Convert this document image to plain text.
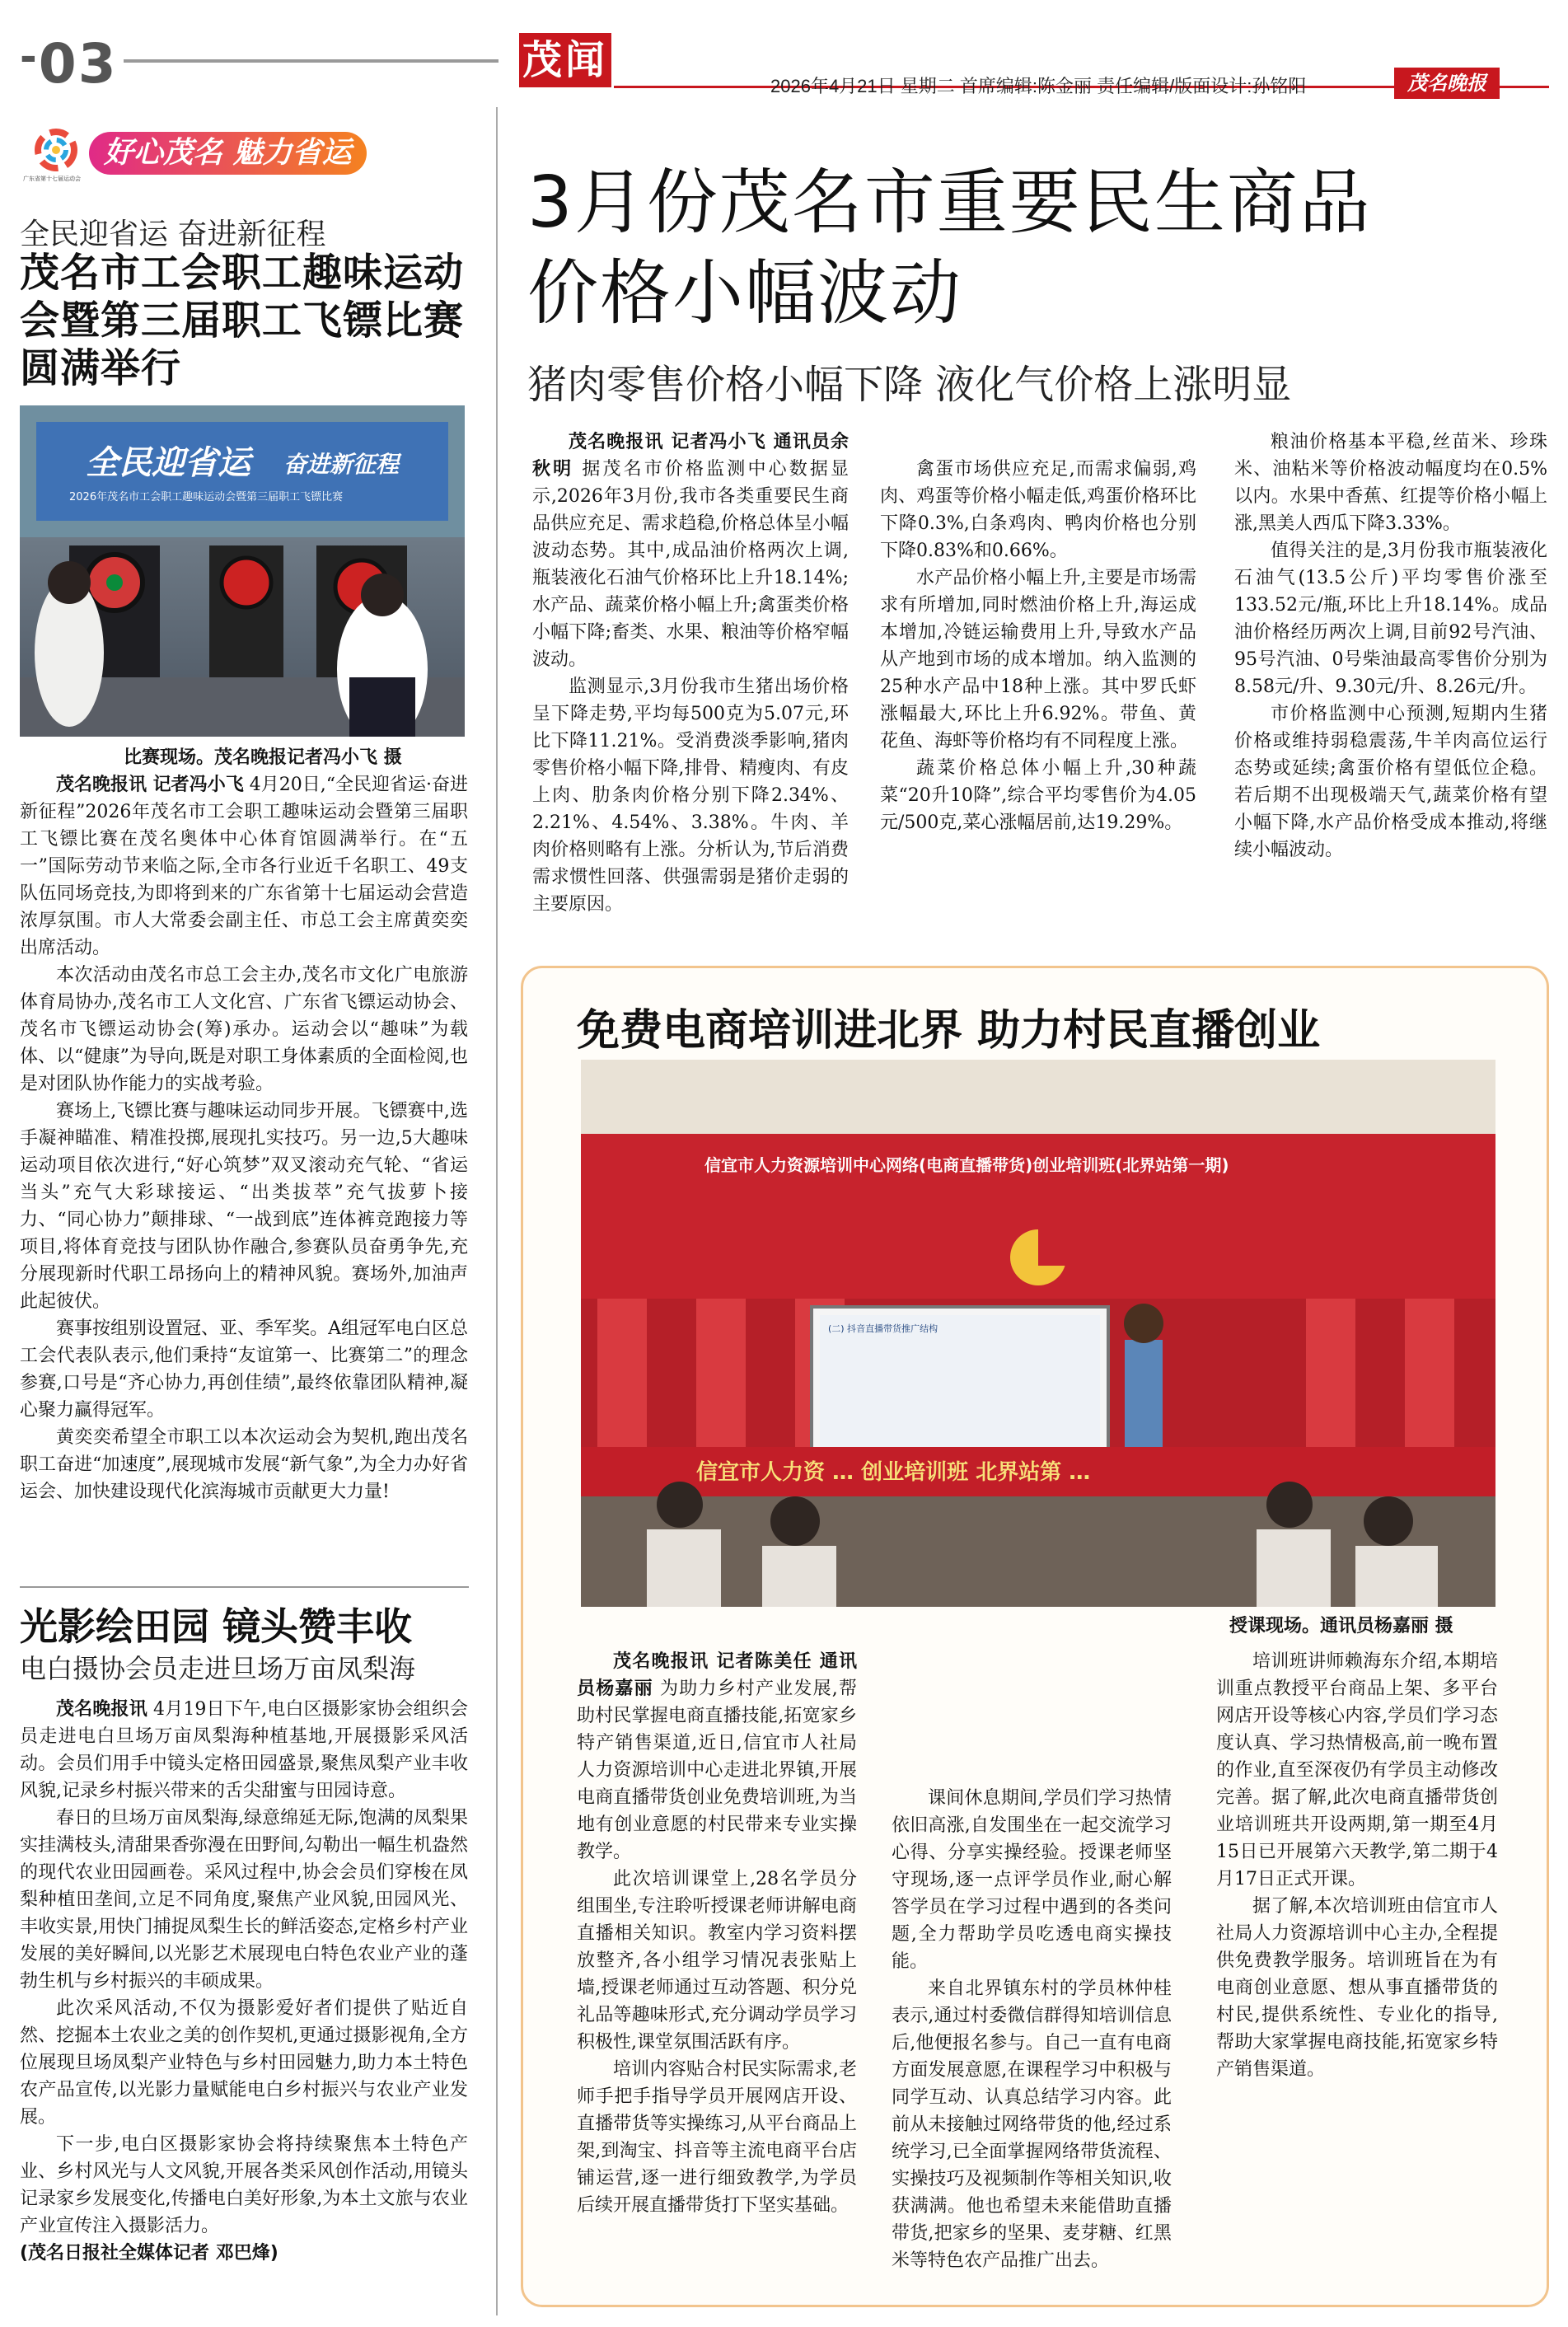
-03	茂闻
2026年4月21日 星期二 首席编辑:陈金丽 责任编辑/版面设计:孙铭阳	茂名晚报
广东省第十七届运动会
好心茂名 魅力省运
全民迎省运 奋进新征程
茂名市工会职工趣味运动会暨第三届职工飞镖比赛圆满举行
全民迎省运 奋进新征程
2026年茂名市工会职工趣味运动会暨第三届职工飞镖比赛
比赛现场。茂名晚报记者冯小飞 摄

茂名晚报讯 记者冯小飞 4月20日,“全民迎省运·奋进新征程”2026年茂名市工会职工趣味运动会暨第三届职工飞镖比赛在茂名奥体中心体育馆圆满举行。在“五一”国际劳动节来临之际,全市各行业近千名职工、49支队伍同场竞技,为即将到来的广东省第十七届运动会营造浓厚氛围。市人大常委会副主任、市总工会主席黄奕奕出席活动。

本次活动由茂名市总工会主办,茂名市文化广电旅游体育局协办,茂名市工人文化宫、广东省飞镖运动协会、茂名市飞镖运动协会(筹)承办。运动会以“趣味”为载体、以“健康”为导向,既是对职工身体素质的全面检阅,也是对团队协作能力的实战考验。

赛场上,飞镖比赛与趣味运动同步开展。飞镖赛中,选手凝神瞄准、精准投掷,展现扎实技巧。另一边,5大趣味运动项目依次进行,“好心筑梦”双叉滚动充气轮、“省运当头”充气大彩球接运、“出类拔萃”充气拔萝卜接力、“同心协力”颠排球、“一战到底”连体裤竞跑接力等项目,将体育竞技与团队协作融合,参赛队员奋勇争先,充分展现新时代职工昂扬向上的精神风貌。赛场外,加油声此起彼伏。

赛事按组别设置冠、亚、季军奖。A组冠军电白区总工会代表队表示,他们秉持“友谊第一、比赛第二”的理念参赛,口号是“齐心协力,再创佳绩”,最终依靠团队精神,凝心聚力赢得冠军。

黄奕奕希望全市职工以本次运动会为契机,跑出茂名职工奋进“加速度”,展现城市发展“新气象”,为全力办好省运会、加快建设现代化滨海城市贡献更大力量!

光影绘田园 镜头赞丰收
电白摄协会员走进旦场万亩凤梨海

茂名晚报讯 4月19日下午,电白区摄影家协会组织会员走进电白旦场万亩凤梨海种植基地,开展摄影采风活动。会员们用手中镜头定格田园盛景,聚焦凤梨产业丰收风貌,记录乡村振兴带来的舌尖甜蜜与田园诗意。

春日的旦场万亩凤梨海,绿意绵延无际,饱满的凤梨果实挂满枝头,清甜果香弥漫在田野间,勾勒出一幅生机盎然的现代农业田园画卷。采风过程中,协会会员们穿梭在凤梨种植田垄间,立足不同角度,聚焦产业风貌,田园风光、丰收实景,用快门捕捉凤梨生长的鲜活姿态,定格乡村产业发展的美好瞬间,以光影艺术展现电白特色农业产业的蓬勃生机与乡村振兴的丰硕成果。

此次采风活动,不仅为摄影爱好者们提供了贴近自然、挖掘本土农业之美的创作契机,更通过摄影视角,全方位展现旦场凤梨产业特色与乡村田园魅力,助力本土特色农产品宣传,以光影力量赋能电白乡村振兴与农业产业发展。

下一步,电白区摄影家协会将持续聚焦本土特色产业、乡村风光与人文风貌,开展各类采风创作活动,用镜头记录家乡发展变化,传播电白美好形象,为本土文旅与农业产业宣传注入摄影活力。

(茂名日报社全媒体记者 邓巴烽)

3月份茂名市重要民生商品
价格小幅波动
猪肉零售价格小幅下降 液化气价格上涨明显

茂名晚报讯 记者冯小飞 通讯员余秋明 据茂名市价格监测中心数据显示,2026年3月份,我市各类重要民生商品供应充足、需求趋稳,价格总体呈小幅波动态势。其中,成品油价格两次上调,瓶装液化石油气价格环比上升18.14%;水产品、蔬菜价格小幅上升;禽蛋类价格小幅下降;畜类、水果、粮油等价格窄幅波动。

监测显示,3月份我市生猪出场价格呈下降走势,平均每500克为5.07元,环比下降11.21%。受消费淡季影响,猪肉零售价格小幅下降,排骨、精瘦肉、有皮上肉、肋条肉价格分别下降2.34%、2.21%、4.54%、3.38%。牛肉、羊肉价格则略有上涨。分析认为,节后消费需求惯性回落、供强需弱是猪价走弱的主要原因。

禽蛋市场供应充足,而需求偏弱,鸡肉、鸡蛋等价格小幅走低,鸡蛋价格环比下降0.3%,白条鸡肉、鸭肉价格也分别下降0.83%和0.66%。

水产品价格小幅上升,主要是市场需求有所增加,同时燃油价格上升,海运成本增加,冷链运输费用上升,导致水产品从产地到市场的成本增加。纳入监测的25种水产品中18种上涨。其中罗氏虾涨幅最大,环比上升6.92%。带鱼、黄花鱼、海虾等价格均有不同程度上涨。

蔬菜价格总体小幅上升,30种蔬菜“20升10降”,综合平均零售价为4.05元/500克,菜心涨幅居前,达19.29%。

粮油价格基本平稳,丝苗米、珍珠米、油粘米等价格波动幅度均在0.5%以内。水果中香蕉、红提等价格小幅上涨,黑美人西瓜下降3.33%。

值得关注的是,3月份我市瓶装液化石油气(13.5公斤)平均零售价涨至133.52元/瓶,环比上升18.14%。成品油价格经历两次上调,目前92号汽油、95号汽油、0号柴油最高零售价分别为8.58元/升、9.30元/升、8.26元/升。

市价格监测中心预测,短期内生猪价格或维持弱稳震荡,牛羊肉高位运行态势或延续;禽蛋价格有望低位企稳。若后期不出现极端天气,蔬菜价格有望小幅下降,水产品价格受成本推动,将继续小幅波动。

免费电商培训进北界 助力村民直播创业
信宜市人力资源培训中心网络(电商直播带货)创业培训班(北界站第一期)
(二) 抖音直播带货推广结构
信宜市人力资 … 创业培训班 北界站第 …
授课现场。通讯员杨嘉丽 摄

茂名晚报讯 记者陈美任 通讯员杨嘉丽 为助力乡村产业发展,帮助村民掌握电商直播技能,拓宽家乡特产销售渠道,近日,信宜市人社局人力资源培训中心走进北界镇,开展电商直播带货创业免费培训班,为当地有创业意愿的村民带来专业实操教学。

此次培训课堂上,28名学员分组围坐,专注聆听授课老师讲解电商直播相关知识。教室内学习资料摆放整齐,各小组学习情况表张贴上墙,授课老师通过互动答题、积分兑礼品等趣味形式,充分调动学员学习积极性,课堂氛围活跃有序。

培训内容贴合村民实际需求,老师手把手指导学员开展网店开设、直播带货等实操练习,从平台商品上架,到淘宝、抖音等主流电商平台店铺运营,逐一进行细致教学,为学员后续开展直播带货打下坚实基础。

课间休息期间,学员们学习热情依旧高涨,自发围坐在一起交流学习心得、分享实操经验。授课老师坚守现场,逐一点评学员作业,耐心解答学员在学习过程中遇到的各类问题,全力帮助学员吃透电商实操技能。

来自北界镇东村的学员林仲桂表示,通过村委微信群得知培训信息后,他便报名参与。自己一直有电商方面发展意愿,在课程学习中积极与同学互动、认真总结学习内容。此前从未接触过网络带货的他,经过系统学习,已全面掌握网络带货流程、实操技巧及视频制作等相关知识,收获满满。他也希望未来能借助直播带货,把家乡的坚果、麦芽糖、红黑米等特色农产品推广出去。

培训班讲师赖海东介绍,本期培训重点教授平台商品上架、多平台网店开设等核心内容,学员们学习态度认真、学习热情极高,前一晚布置的作业,直至深夜仍有学员主动修改完善。据了解,此次电商直播带货创业培训班共开设两期,第一期至4月15日已开展第六天教学,第二期于4月17日正式开课。

据了解,本次培训班由信宜市人社局人力资源培训中心主办,全程提供免费教学服务。培训班旨在为有电商创业意愿、想从事直播带货的村民,提供系统性、专业化的指导,帮助大家掌握电商技能,拓宽家乡特产销售渠道。
